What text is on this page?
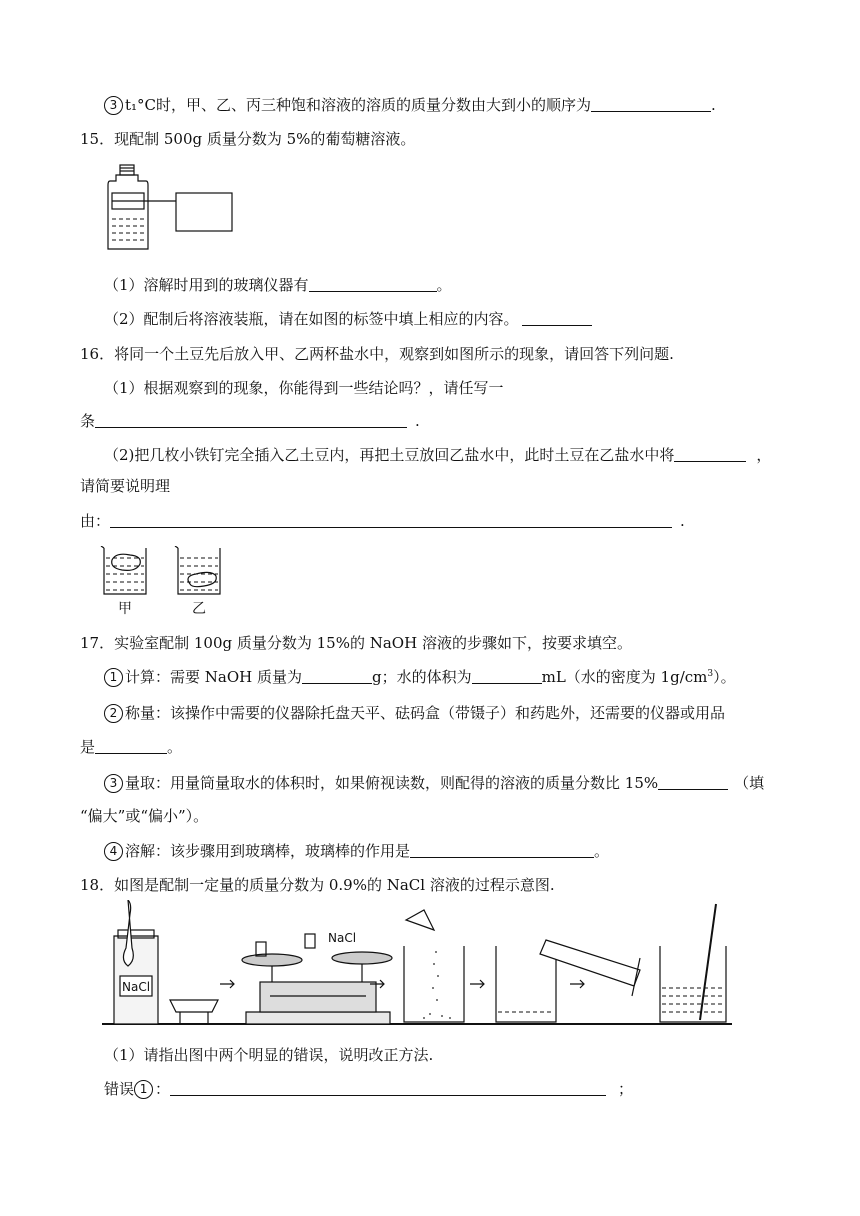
3 t₁°C时，甲、乙、丙三种饱和溶液的溶质的质量分数由大到小的顺序为	.
15．现配制 500g 质量分数为 5%的葡萄糖溶液。
（1）溶解时用到的玻璃仪器有	。
（2）配制后将溶液装瓶，请在如图的标签中填上相应的内容。
16．将同一个土豆先后放入甲、乙两杯盐水中，观察到如图所示的现象，请回答下列问题.
（1）根据观察到的现象，你能得到一些结论吗？，请任写一
条	.
（2)把几枚小铁钉完全插入乙土豆内，再把土豆放回乙盐水中，此时土豆在乙盐水中将	，
请简要说明理
由：	.
甲	乙
17．实验室配制 100g 质量分数为 15%的 NaOH 溶液的步骤如下，按要求填空。
1 计算：需要 NaOH 质量为	g；水的体积为	mL（水的密度为 $1g/cm^3$）。
2 称量：该操作中需要的仪器除托盘天平、砝码盒（带镊子）和药匙外，还需要的仪器或用品
是	。
3 量取：用量筒量取水的体积时，如果俯视读数，则配得的溶液的质量分数比 15%	（填
“偏大”或“偏小”）。
4 溶解：该步骤用到玻璃棒，玻璃棒的作用是	。
18．如图是配制一定量的质量分数为 0.9%的 NaCl 溶液的过程示意图.
NaCl
NaCl
（1）请指出图中两个明显的错误，说明改正方法.
错误 1 ：	；
